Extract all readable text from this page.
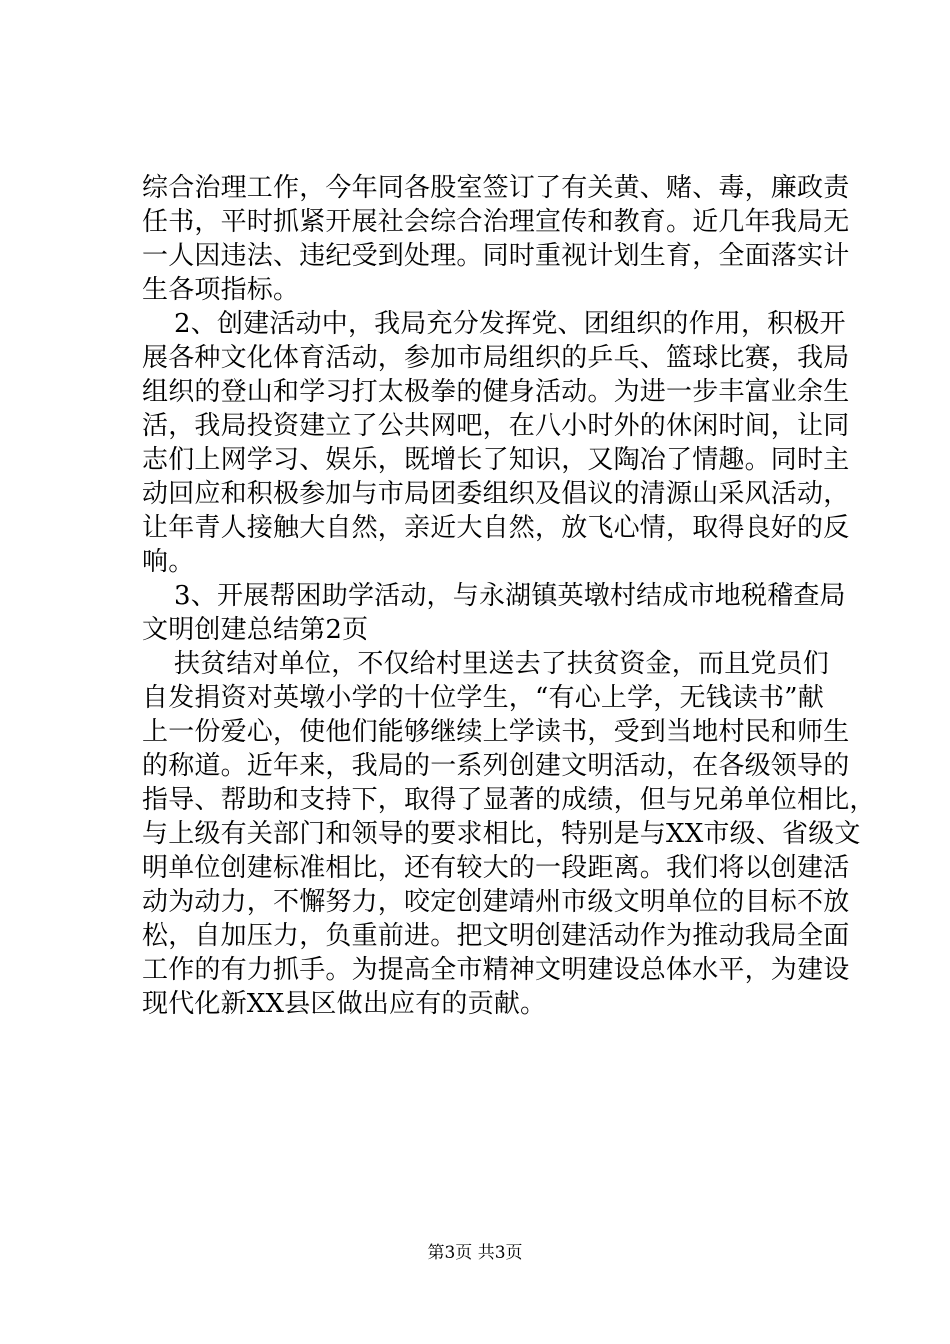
综合治理工作，今年同各股室签订了有关黄、赌、毒，廉政责
任书，平时抓紧开展社会综合治理宣传和教育。近几年我局无
一人因违法、违纪受到处理。同时重视计划生育，全面落实计
生各项指标。
2、创建活动中，我局充分发挥党、团组织的作用，积极开
展各种文化体育活动，参加市局组织的乒乓、篮球比赛，我局
组织的登山和学习打太极拳的健身活动。为进一步丰富业余生
活，我局投资建立了公共网吧，在八小时外的休闲时间，让同
志们上网学习、娱乐，既增长了知识，又陶冶了情趣。同时主
动回应和积极参加与市局团委组织及倡议的清源山采风活动，
让年青人接触大自然，亲近大自然，放飞心情，取得良好的反
响。
3、开展帮困助学活动，与永湖镇英墩村结成市地税稽查局
文明创建总结第2页
扶贫结对单位，不仅给村里送去了扶贫资金，而且党员们
自发捐资对英墩小学的十位学生，“有心上学，无钱读书”献
上一份爱心，使他们能够继续上学读书，受到当地村民和师生
的称道。近年来，我局的一系列创建文明活动，在各级领导的
指导、帮助和支持下，取得了显著的成绩，但与兄弟单位相比，
与上级有关部门和领导的要求相比，特别是与XX市级、省级文
明单位创建标准相比，还有较大的一段距离。我们将以创建活
动为动力，不懈努力，咬定创建靖州市级文明单位的目标不放
松，自加压力，负重前进。把文明创建活动作为推动我局全面
工作的有力抓手。为提高全市精神文明建设总体水平，为建设
现代化新XX县区做出应有的贡献。
第3页 共3页
